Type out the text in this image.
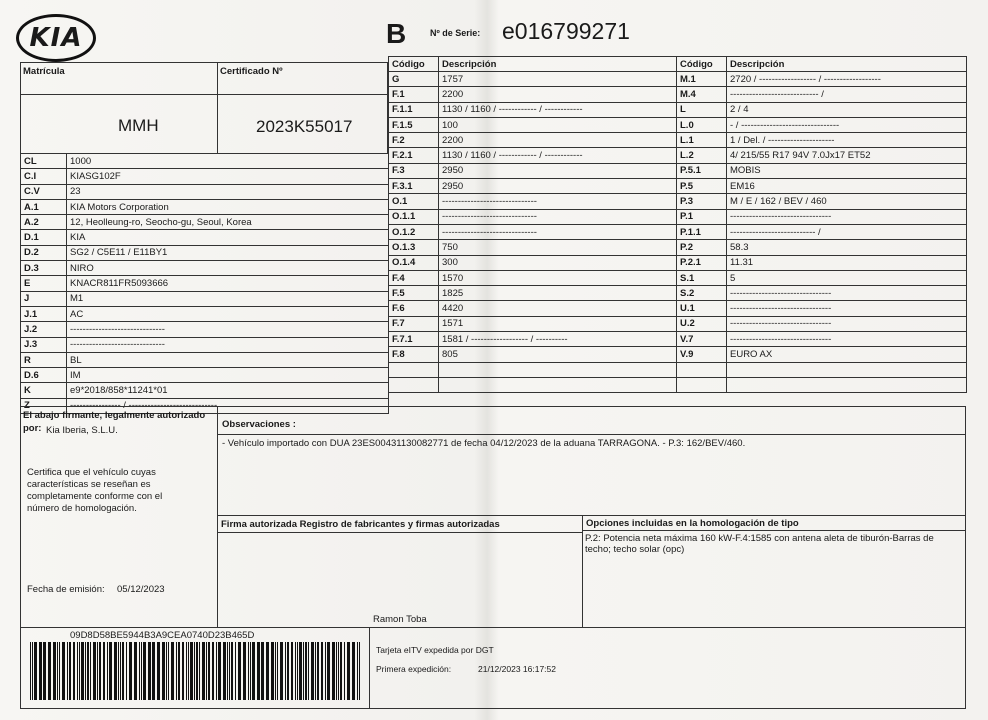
KIA	B	Nº de Serie: e016799271
Matrícula
MMH
Certificado Nº
2023K55017
CL	1000
C.I	KIASG102F
C.V	23
A.1	KIA Motors Corporation
A.2	12, Heolleung-ro, Seocho-gu, Seoul, Korea
D.1	KIA
D.2	SG2 / C5E11 / E11BY1
D.3	NIRO
E	KNACR811FR5093666
J	M1
J.1	AC
J.2	------------------------------
J.3	------------------------------
R	BL
D.6	IM
K	e9*2018/858*11241*01
Z	---------------- / ----------------------------
Código	Descripción
G	1757
F.1	2200
F.1.1	1130 / 1160 / ------------ / ------------
F.1.5	100
F.2	2200
F.2.1	1130 / 1160 / ------------ / ------------
F.3	2950
F.3.1	2950
O.1	------------------------------
O.1.1	------------------------------
O.1.2	------------------------------
O.1.3	750
O.1.4	300
F.4	1570
F.5	1825
F.6	4420
F.7	1571
F.7.1	1581 / ------------------ / ----------
F.8	805

Código	Descripción
M.1	2720 / ------------------ / ------------------
M.4	---------------------------- /
L	2 / 4
L.0	- / -------------------------------
L.1	1 / Del. / ---------------------
L.2	4/ 215/55 R17 94V 7.0Jx17 ET52
P.5.1	MOBIS
P.5	EM16
P.3	M / E / 162 / BEV / 460
P.1	--------------------------------
P.1.1	--------------------------- /
P.2	58.3
P.2.1	11.31
S.1	5
S.2	--------------------------------
U.1	--------------------------------
U.2	--------------------------------
V.7	--------------------------------
V.9	EURO AX

El abajo firmante, legalmente autorizado
por: Kia Iberia, S.L.U.
Certifica que el vehículo cuyas características se reseñan es completamente conforme con el número de homologación.
Fecha de emisión: 05/12/2023
Observaciones :
- Vehículo importado con DUA 23ES00431130082771 de fecha 04/12/2023 de la aduana TARRAGONA. - P.3: 162/BEV/460.
Firma autorizada Registro de fabricantes y firmas autorizadas
Ramon Toba
Opciones incluidas en la homologación de tipo
P.2: Potencia neta máxima 160 kW-F.4:1585 con antena aleta de tiburón-Barras de techo; techo solar (opc)
09D8D58BE5944B3A9CEA0740D23B465D
Tarjeta eITV expedida por DGT
Primera expedición:	21/12/2023 16:17:52
